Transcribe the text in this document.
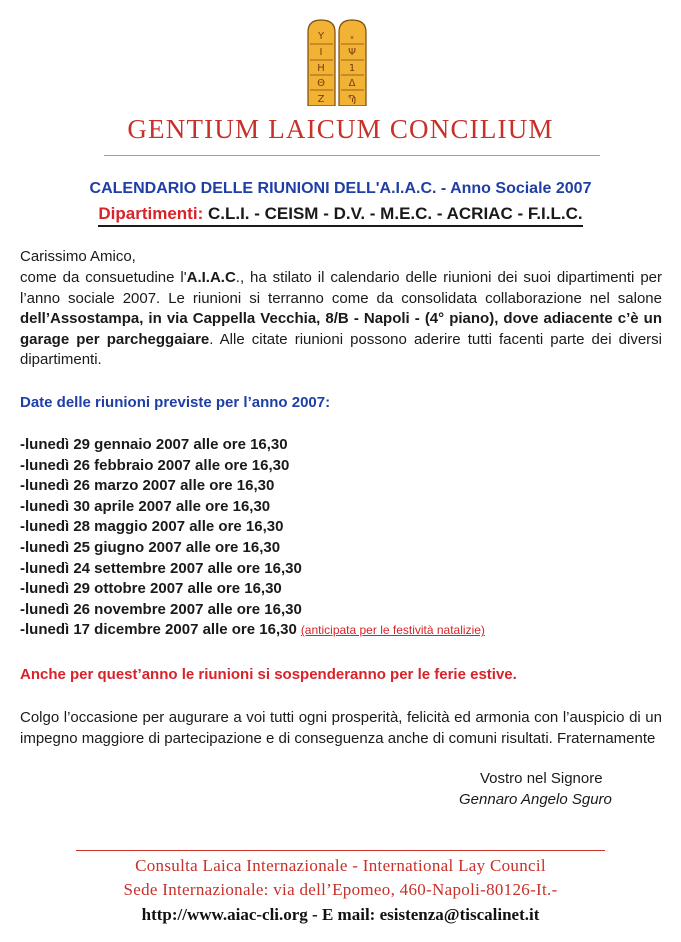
Y	ₓ
Ⅰ	Ψ
H 1
Θ Δ
Z Ϡ
GENTIUM LAICUM CONCILIUM
CALENDARIO DELLE RIUNIONI DELL'A.I.A.C. - Anno Sociale 2007
Dipartimenti: C.L.I. - CEISM - D.V. - M.E.C. - ACRIAC - F.I.L.C.
Carissimo Amico,
come da consuetudine l'A.I.A.C., ha stilato il calendario delle riunioni dei suoi dipartimenti per l’anno sociale 2007. Le riunioni si terranno come da consolidata collaborazione nel salone dell’Assostampa, in via Cappella Vecchia, 8/B - Napoli - (4° piano), dove adiacente c’è un garage per parcheggaiare. Alle citate riunioni possono aderire tutti facenti parte dei diversi dipartimenti.
Date delle riunioni previste per l’anno 2007:
-lunedì 29 gennaio 2007 alle ore 16,30
-lunedì 26 febbraio 2007 alle ore 16,30
-lunedì 26 marzo 2007 alle ore 16,30
-lunedì 30 aprile 2007 alle ore 16,30
-lunedì 28 maggio 2007 alle ore 16,30
-lunedì 25 giugno 2007 alle ore 16,30
-lunedì 24 settembre 2007 alle ore 16,30
-lunedì 29 ottobre 2007 alle ore 16,30
-lunedì 26 novembre 2007 alle ore 16,30
-lunedì 17 dicembre 2007 alle ore 16,30 (anticipata per le festività natalizie)
Anche per quest’anno le riunioni si sospenderanno per le ferie estive.
Colgo l’occasione per augurare a voi tutti ogni prosperità, felicità ed armonia con l’auspicio di un impegno maggiore di partecipazione e di conseguenza anche di comuni risultati. Fraternamente
Vostro nel Signore
Gennaro Angelo Sguro
Consulta Laica Internazionale - International Lay Council
Sede Internazionale: via dell’Epomeo, 460-Napoli-80126-It.-
http://www.aiac-cli.org - E mail: esistenza@tiscalinet.it
